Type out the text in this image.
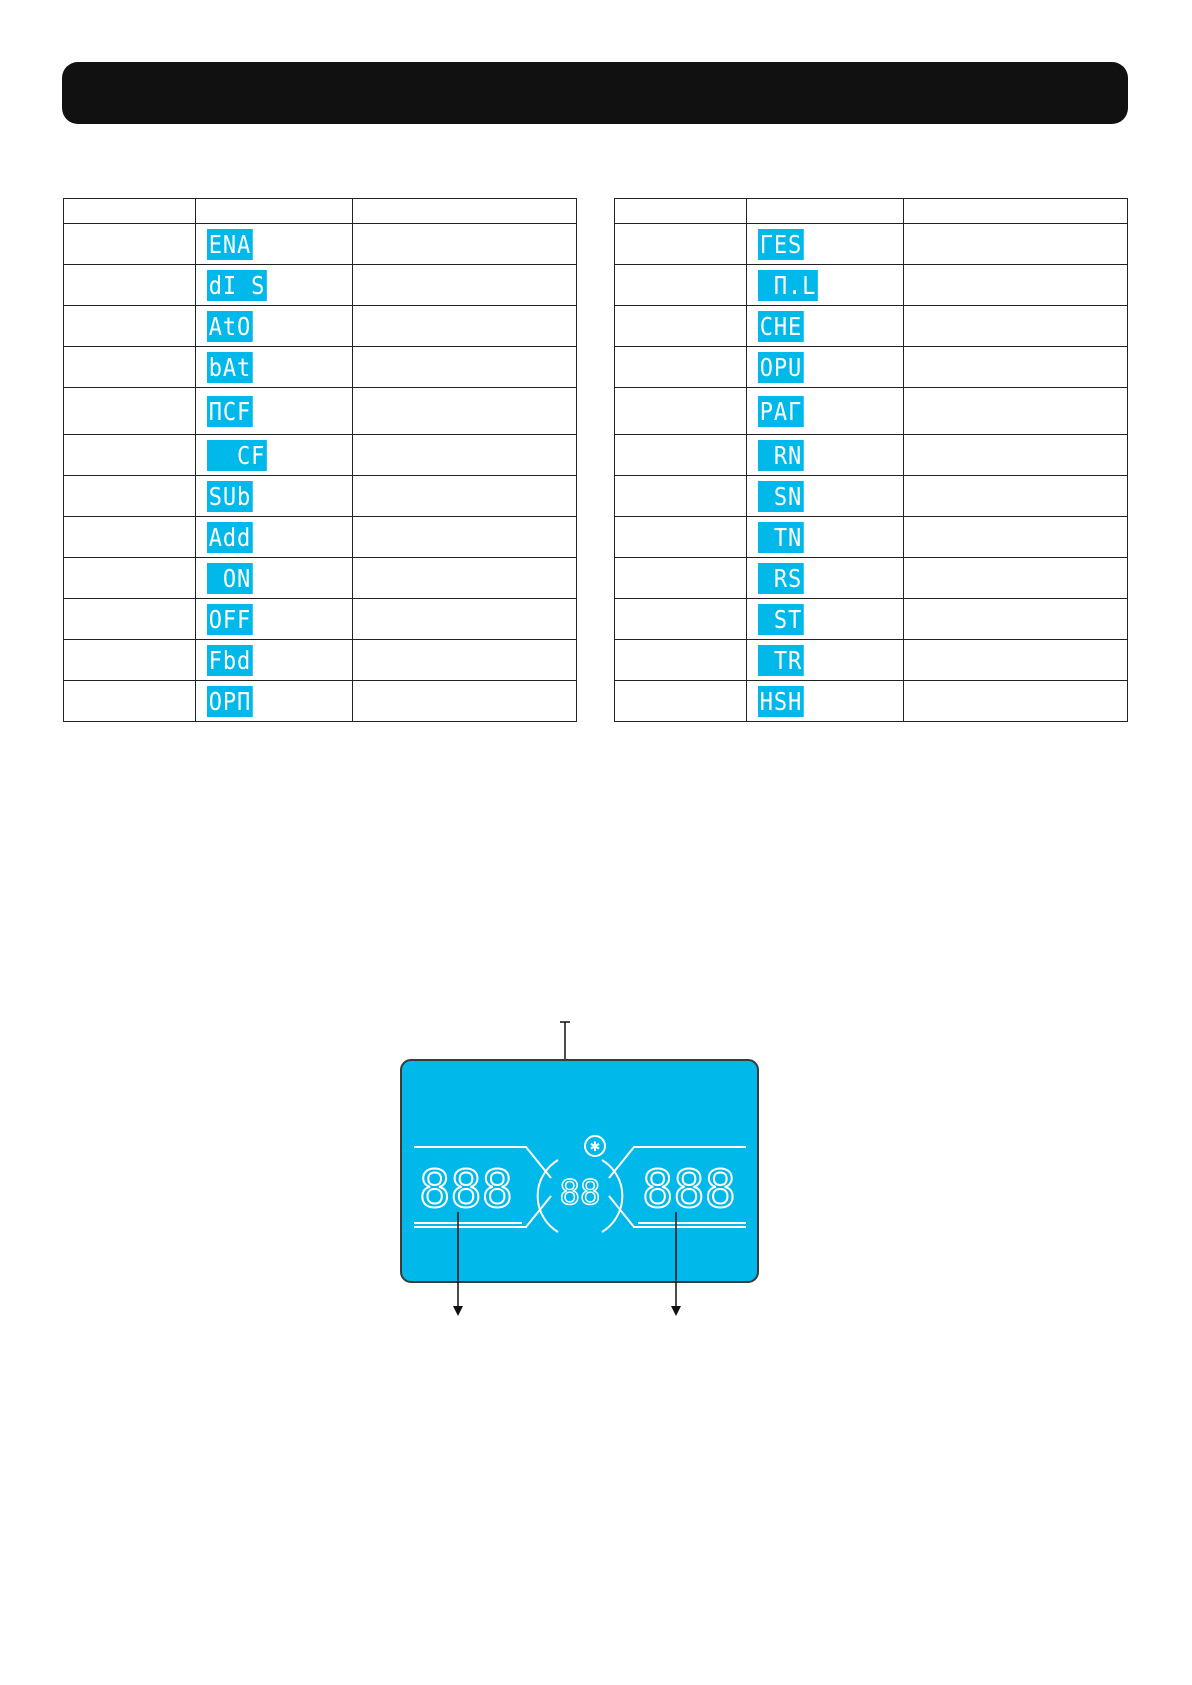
	ENA	
	dI S	
	AtO	
	bAt	
	ПCF	
	CF	
	SUb	
	Add	
	ON	
	OFF	
	Fbd	
	OPП	

	ΓES	
	П.L	
	CHE	
	OPU	
	PAΓ	
	RN	
	SN	
	TN	
	RS	
	ST	
	TR	
	HSH	
✱
888 88 888
